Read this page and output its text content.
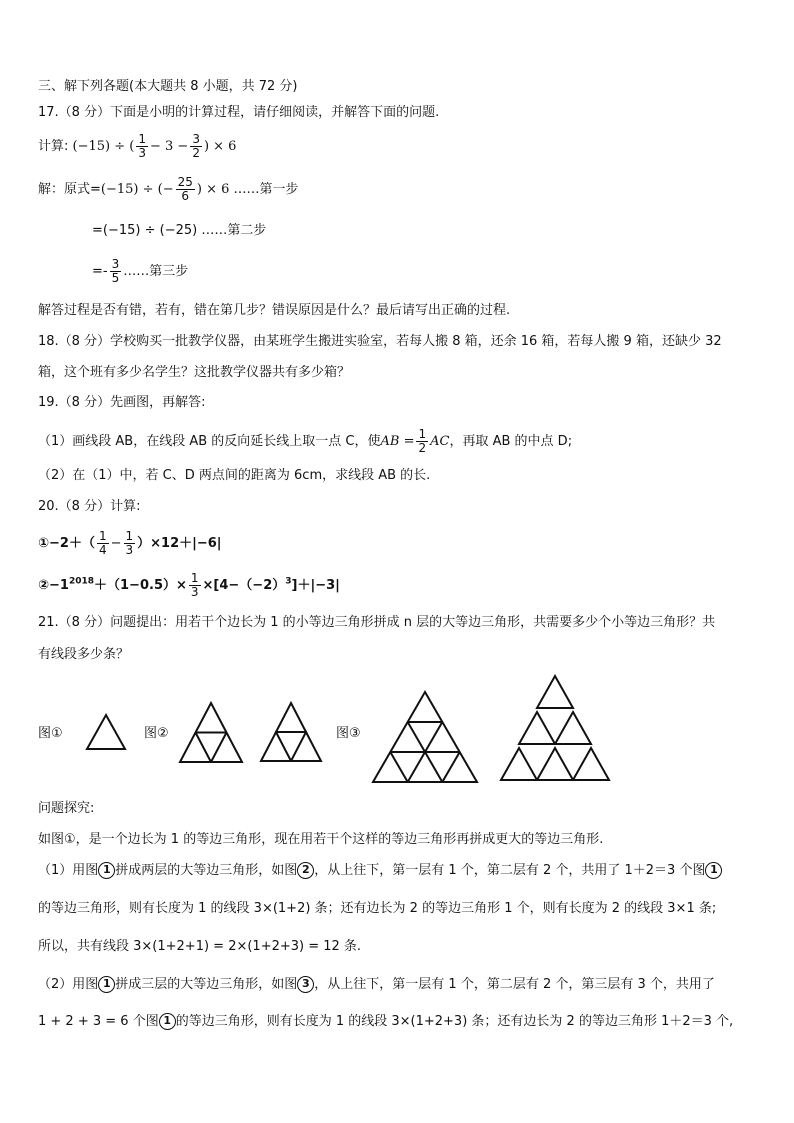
三、解下列各题(本大题共 8 小题，共 72 分)
17.（8 分）下面是小明的计算过程，请仔细阅读，并解答下面的问题.
计算: (−15) ÷ ( $\frac{1}{3} - 3 - \frac{3}{2}$ ) × 6
解：原式=(−15) ÷ (− $\frac{25}{6}$ ) × 6 ……第一步
=(−15) ÷ (−25) ……第二步
=- $\frac{3}{5}$ ……第三步
解答过程是否有错，若有，错在第几步？错误原因是什么？最后请写出正确的过程.
18.（8 分）学校购买一批教学仪器，由某班学生搬进实验室，若每人搬 8 箱，还余 16 箱，若每人搬 9 箱，还缺少 32
箱，这个班有多少名学生？这批教学仪器共有多少箱？
19.（8 分）先画图，再解答:
（1）画线段 AB，在线段 AB 的反向延长线上取一点 C，使AB = $\frac{1}{2}$ AC，再取 AB 的中点 D;
（2）在（1）中，若 C、D 两点间的距离为 6cm，求线段 AB 的长.
20.（8 分）计算:
①−2＋（ $\frac{1}{4} - \frac{1}{3} )\times 12+|-6|$
$②-1^{2018}+(1-0.5)\times \frac{1}{3} \times[4-(-2)^3]+|-3|$
21.（8 分）问题提出：用若干个边长为 1 的小等边三角形拼成 n 层的大等边三角形，共需要多少个小等边三角形？共
有线段多少条？
图①	图②	图③
问题探究:
如图①，是一个边长为 1 的等边三角形，现在用若干个这样的等边三角形再拼成更大的等边三角形.
（1）用图 1 拼成两层的大等边三角形，如图 2 ，从上往下，第一层有 1 个，第二层有 2 个，共用了 1＋2＝3 个图 1
的等边三角形，则有长度为 1 的线段 3×(1+2) 条；还有边长为 2 的等边三角形 1 个，则有长度为 2 的线段 3×1 条;
所以，共有线段 3×(1+2+1) = 2×(1+2+3) = 12 条.
（2）用图 1 拼成三层的大等边三角形，如图 3 ，从上往下，第一层有 1 个，第二层有 2 个，第三层有 3 个，共用了
1 + 2 + 3 = 6 个图 1 的等边三角形，则有长度为 1 的线段 3×(1+2+3) 条；还有边长为 2 的等边三角形 1＋2＝3 个,
